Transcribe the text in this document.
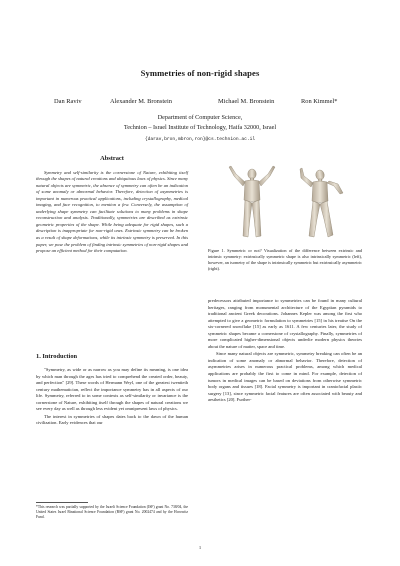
Symmetries of non-rigid shapes
Dan Raviv	Alexander M. Bronstein	Michael M. Bronstein	Ron Kimmel*
Department of Computer Science,
Technion – Israel Institute of Technology, Haifa 32000, Israel
{darav,bron,mbron,ron}@cs.technion.ac.il
Abstract

Symmetry and self-similarity is the cornerstone of Nature, exhibiting itself through the shapes of natural creations and ubiquitous laws of physics. Since many natural objects are symmetric, the absence of symmetry can often be an indication of some anomaly or abnormal behavior. Therefore, detection of asymmetries is important in numerous practical applications, including crystallography, medical imaging, and face recognition, to mention a few. Conversely, the assumption of underlying shape symmetry can facilitate solutions to many problems in shape reconstruction and analysis. Traditionally, symmetries are described as extrinsic geometric properties of the shape. While being adequate for rigid shapes, such a description is inappropriate for non-rigid ones. Extrinsic symmetry can be broken as a result of shape deformations, while its intrinsic symmetry is preserved. In this paper, we pose the problem of finding intrinsic symmetries of non-rigid shapes and propose an efficient method for their computation.

1. Introduction

"Symmetry, as wide or as narrow as you may define its meaning, is one idea by which man through the ages has tried to comprehend the created order, beauty, and perfection" [29]. These words of Hermann Weyl, one of the greatest twentieth century mathematician, reflect the importance symmetry has in all aspects of our life. Symmetry, referred to in some contexts as self-similarity or invariance is the cornerstone of Nature, exhibiting itself through the shapes of natural creations we see every day as well as through less evident yet omnipresent laws of physics.

The interest in symmetries of shapes dates back to the dawn of the human civilization. Early evidences that our

*This research was partially supported by the Israeli Science Foundation (ISF) grant No. 738/04, the United States Israel Binational Science Foundation (BSF) grant No. 2002474 and by the Horowitz Fund.
Figure 1. Symmetric or not? Visualization of the difference between extrinsic and intrinsic symmetry: extrinsically symmetric shape is also intrinsically symmetric (left), however, an isometry of the shape is intrinsically symmetric but extrinsically asymmetric (right).

predecessors attributed importance to symmetries can be found in many cultural heritages, ranging from monumental architecture of the Egyptian pyramids to traditional ancient Greek decorations. Johannes Kepler was among the first who attempted to give a geometric formulation to symmetries [15] in his treatise On the six-cornered snowflake [15] as early as 1611. A few centuries later, the study of symmetric shapes became a cornerstone of crystallography. Finally, symmetries of more complicated higher-dimensional objects underlie modern physics theories about the nature of matter, space and time.

Since many natural objects are symmetric, symmetry breaking can often be an indication of some anomaly or abnormal behavior. Therefore, detection of asymmetries arises in numerous practical problems, among which medical applications are probably the first to come in mind. For example, detection of tumors in medical images can be based on deviations from otherwise symmetric body organs and tissues [18]. Facial symmetry is important in craniofacial plastic surgery [13], since symmetric facial features are often associated with beauty and aesthetics [20]. Further-

1
